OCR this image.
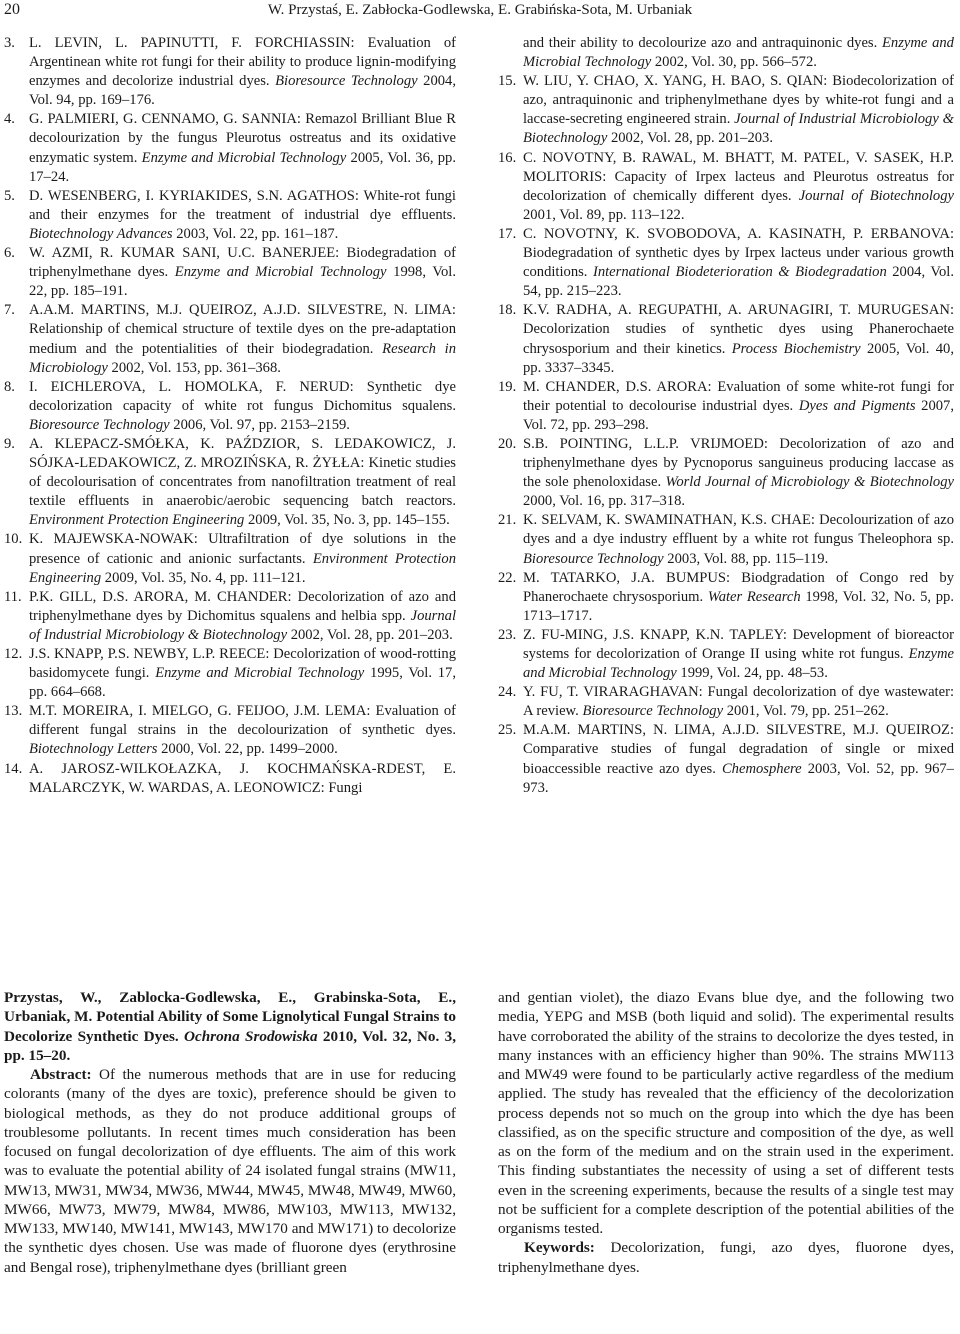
20	W. Przystaś, E. Zabłocka-Godlewska, E. Grabińska-Sota, M. Urbaniak
3. L. LEVIN, L. PAPINUTTI, F. FORCHIASSIN: Evaluation of Argentinean white rot fungi for their ability to produce lignin-modifying enzymes and decolorize industrial dyes. Bioresource Technology 2004, Vol. 94, pp. 169–176.
4. G. PALMIERI, G. CENNAMO, G. SANNIA: Remazol Brilliant Blue R decolourization by the fungus Pleurotus ostreatus and its oxidative enzymatic system. Enzyme and Microbial Technology 2005, Vol. 36, pp. 17–24.
5. D. WESENBERG, I. KYRIAKIDES, S.N. AGATHOS: White-rot fungi and their enzymes for the treatment of industrial dye effluents. Biotechnology Advances 2003, Vol. 22, pp. 161–187.
6. W. AZMI, R. KUMAR SANI, U.C. BANERJEE: Biodegradation of triphenylmethane dyes. Enzyme and Microbial Technology 1998, Vol. 22, pp. 185–191.
7. A.A.M. MARTINS, M.J. QUEIROZ, A.J.D. SILVESTRE, N. LIMA: Relationship of chemical structure of textile dyes on the pre-adaptation medium and the potentialities of their biodegradation. Research in Microbiology 2002, Vol. 153, pp. 361–368.
8. I. EICHLEROVA, L. HOMOLKA, F. NERUD: Synthetic dye decolorization capacity of white rot fungus Dichomitus squalens. Bioresource Technology 2006, Vol. 97, pp. 2153–2159.
9. A. KLEPACZ-SMÓŁKA, K. PAŹDZIOR, S. LEDAKOWICZ, J. SÓJKA-LEDAKOWICZ, Z. MROZIŃSKA, R. ŻYŁŁA: Kinetic studies of decolourisation of concentrates from nanofiltration treatment of real textile effluents in anaerobic/aerobic sequencing batch reactors. Environment Protection Engineering 2009, Vol. 35, No. 3, pp. 145–155.
10. K. MAJEWSKA-NOWAK: Ultrafiltration of dye solutions in the presence of cationic and anionic surfactants. Environment Protection Engineering 2009, Vol. 35, No. 4, pp. 111–121.
11. P.K. GILL, D.S. ARORA, M. CHANDER: Decolorization of azo and triphenylmethane dyes by Dichomitus squalens and helbia spp. Journal of Industrial Microbiology & Biotechnology 2002, Vol. 28, pp. 201–203.
12. J.S. KNAPP, P.S. NEWBY, L.P. REECE: Decolorization of wood-rotting basidomycete fungi. Enzyme and Microbial Technology 1995, Vol. 17, pp. 664–668.
13. M.T. MOREIRA, I. MIELGO, G. FEIJOO, J.M. LEMA: Evaluation of different fungal strains in the decolourization of synthetic dyes. Biotechnology Letters 2000, Vol. 22, pp. 1499–2000.
14. A. JAROSZ-WILKOŁAZKA, J. KOCHMAŃSKA-RDEST, E. MALARCZYK, W. WARDAS, A. LEONOWICZ: Fungi
and their ability to decolourize azo and antraquinonic dyes. Enzyme and Microbial Technology 2002, Vol. 30, pp. 566–572.
15. W. LIU, Y. CHAO, X. YANG, H. BAO, S. QIAN: Biodecolorization of azo, antraquinonic and triphenylmethane dyes by white-rot fungi and a laccase-secreting engineered strain. Journal of Industrial Microbiology & Biotechnology 2002, Vol. 28, pp. 201–203.
16. C. NOVOTNY, B. RAWAL, M. BHATT, M. PATEL, V. SASEK, H.P. MOLITORIS: Capacity of Irpex lacteus and Pleurotus ostreatus for decolorization of chemically different dyes. Journal of Biotechnology 2001, Vol. 89, pp. 113–122.
17. C. NOVOTNY, K. SVOBODOVA, A. KASINATH, P. ERBANOVA: Biodegradation of synthetic dyes by Irpex lacteus under various growth conditions. International Biodeterioration & Biodegradation 2004, Vol. 54, pp. 215–223.
18. K.V. RADHA, A. REGUPATHI, A. ARUNAGIRI, T. MURUGESAN: Decolorization studies of synthetic dyes using Phanerochaete chrysosporium and their kinetics. Process Biochemistry 2005, Vol. 40, pp. 3337–3345.
19. M. CHANDER, D.S. ARORA: Evaluation of some white-rot fungi for their potential to decolourise industrial dyes. Dyes and Pigments 2007, Vol. 72, pp. 293–298.
20. S.B. POINTING, L.L.P. VRIJMOED: Decolorization of azo and triphenylmethane dyes by Pycnoporus sanguineus producing laccase as the sole phenoloxidase. World Journal of Microbiology & Biotechnology 2000, Vol. 16, pp. 317–318.
21. K. SELVAM, K. SWAMINATHAN, K.S. CHAE: Decolourization of azo dyes and a dye industry effluent by a white rot fungus Theleophora sp. Bioresource Technology 2003, Vol. 88, pp. 115–119.
22. M. TATARKO, J.A. BUMPUS: Biodgradation of Congo red by Phanerochaete chrysosporium. Water Research 1998, Vol. 32, No. 5, pp. 1713–1717.
23. Z. FU-MING, J.S. KNAPP, K.N. TAPLEY: Development of bioreactor systems for decolorization of Orange II using white rot fungus. Enzyme and Microbial Technology 1999, Vol. 24, pp. 48–53.
24. Y. FU, T. VIRARAGHAVAN: Fungal decolorization of dye wastewater: A review. Bioresource Technology 2001, Vol. 79, pp. 251–262.
25. M.A.M. MARTINS, N. LIMA, A.J.D. SILVESTRE, M.J. QUEIROZ: Comparative studies of fungal degradation of single or mixed bioaccessible reactive azo dyes. Chemosphere 2003, Vol. 52, pp. 967–973.

Przystas, W., Zablocka-Godlewska, E., Grabinska-Sota, E., Urbaniak, M. Potential Ability of Some Lignolytical Fungal Strains to Decolorize Synthetic Dyes. Ochrona Srodowiska 2010, Vol. 32, No. 3, pp. 15–20.

Abstract: Of the numerous methods that are in use for reducing colorants (many of the dyes are toxic), preference should be given to biological methods, as they do not produce additional groups of troublesome pollutants. In recent times much consideration has been focused on fungal decolorization of dye effluents. The aim of this work was to evaluate the potential ability of 24 isolated fungal strains (MW11, MW13, MW31, MW34, MW36, MW44, MW45, MW48, MW49, MW60, MW66, MW73, MW79, MW84, MW86, MW103, MW113, MW132, MW133, MW140, MW141, MW143, MW170 and MW171) to decolorize the synthetic dyes chosen. Use was made of fluorone dyes (erythrosine and Bengal rose), triphenylmethane dyes (brilliant green

and gentian violet), the diazo Evans blue dye, and the following two media, YEPG and MSB (both liquid and solid). The experimental results have corroborated the ability of the strains to decolorize the dyes tested, in many instances with an efficiency higher than 90%. The strains MW113 and MW49 were found to be particularly active regardless of the medium applied. The study has revealed that the efficiency of the decolorization process depends not so much on the group into which the dye has been classified, as on the specific structure and composition of the dye, as well as on the form of the medium and on the strain used in the experiment. This finding substantiates the necessity of using a set of different tests even in the screening experiments, because the results of a single test may not be sufficient for a complete description of the potential abilities of the organisms tested.

Keywords: Decolorization, fungi, azo dyes, fluorone dyes, triphenylmethane dyes.
